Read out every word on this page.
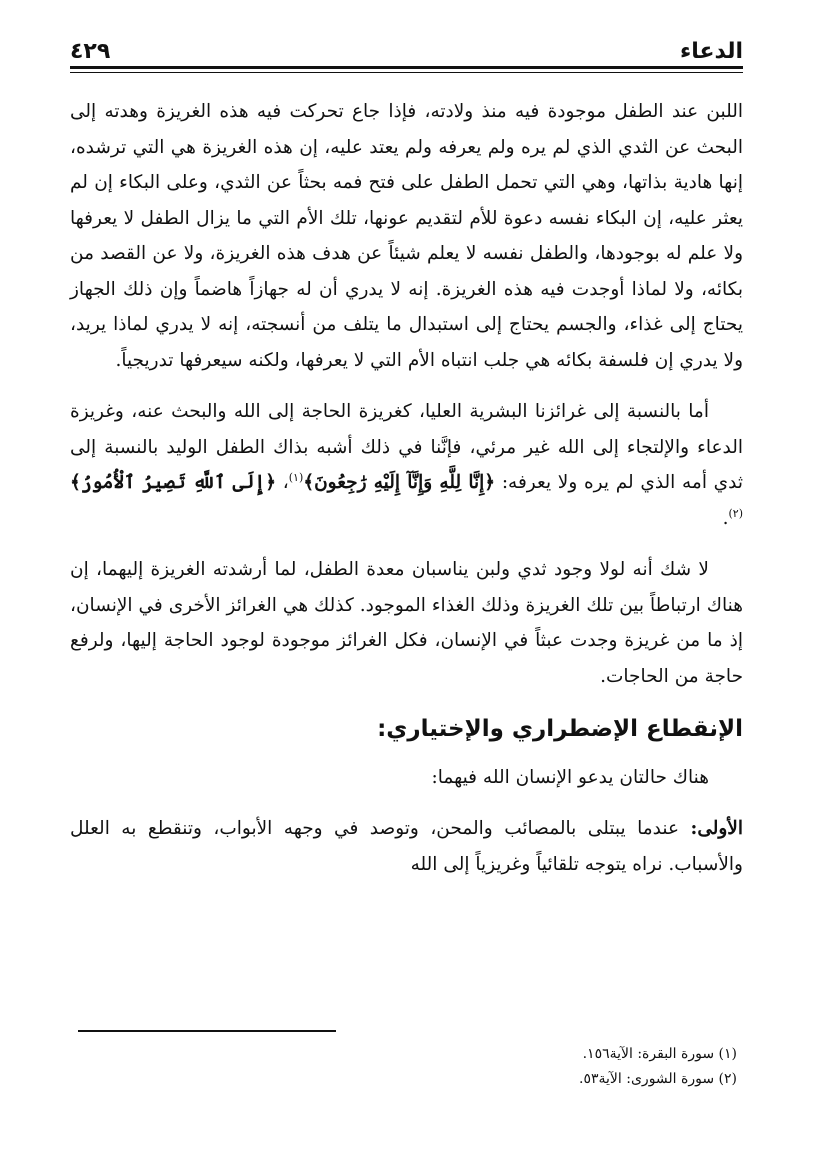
الدعاء
٤٢٩

اللبن عند الطفل موجودة فيه منذ ولادته، فإذا جاع تحركت فيه هذه الغريزة وهدته إلى البحث عن الثدي الذي لم يره ولم يعرفه ولم يعتد عليه، إن هذه الغريزة هي التي ترشده، إنها هادية بذاتها، وهي التي تحمل الطفل على فتح فمه بحثاً عن الثدي، وعلى البكاء إن لم يعثر عليه، إن البكاء نفسه دعوة للأم لتقديم عونها، تلك الأم التي ما يزال الطفل لا يعرفها ولا علم له بوجودها، والطفل نفسه لا يعلم شيئاً عن هدف هذه الغريزة، ولا عن القصد من بكائه، ولا لماذا أوجدت فيه هذه الغريزة. إنه لا يدري أن له جهازاً هاضماً وإن ذلك الجهاز يحتاج إلى غذاء، والجسم يحتاج إلى استبدال ما يتلف من أنسجته، إنه لا يدري لماذا يريد، ولا يدري إن فلسفة بكائه هي جلب انتباه الأم التي لا يعرفها، ولكنه سيعرفها تدريجياً.

أما بالنسبة إلى غرائزنا البشرية العليا، كغريزة الحاجة إلى الله والبحث عنه، وغريزة الدعاء والإلتجاء إلى الله غير مرئي، فإنَّنا في ذلك أشبه بذاك الطفل الوليد بالنسبة إلى ثدي أمه الذي لم يره ولا يعرفه: ﴿إِنَّا لِلَّهِ وَإِنَّآ إِلَيْهِ رَٰجِعُونَ﴾$^{(١)}$، ﴿إِلَى ٱللَّهِ تَصِيرُ ٱلْأُمُورُ﴾$^{(٢)}$.

لا شك أنه لولا وجود ثدي ولبن يناسبان معدة الطفل، لما أرشدته الغريزة إليهما، إن هناك ارتباطاً بين تلك الغريزة وذلك الغذاء الموجود. كذلك هي الغرائز الأخرى في الإنسان، إذ ما من غريزة وجدت عبثاً في الإنسان، فكل الغرائز موجودة لوجود الحاجة إليها، ولرفع حاجة من الحاجات.

الإنقطاع الإضطراري والإختياري:

هناك حالتان يدعو الإنسان الله فيهما:

الأولى: عندما يبتلى بالمصائب والمحن، وتوصد في وجهه الأبواب، وتنقطع به العلل والأسباب. نراه يتوجه تلقائياً وغريزياً إلى الله

(١) سورة البقرة: الآية١٥٦.

(٢) سورة الشورى: الآية٥٣.
